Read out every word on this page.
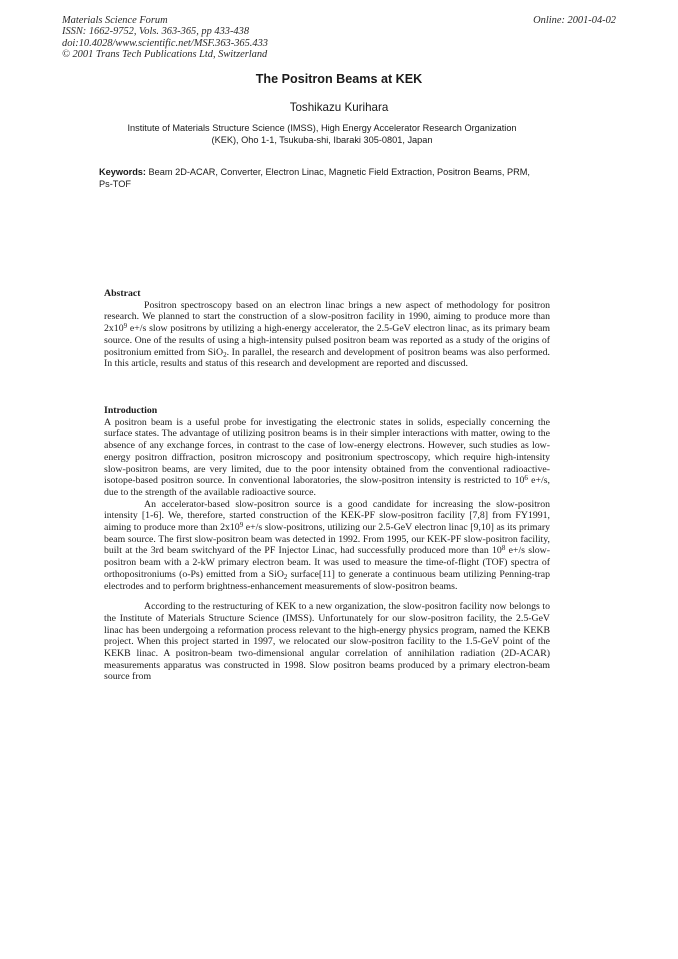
Materials Science Forum
ISSN: 1662-9752, Vols. 363-365, pp 433-438
doi:10.4028/www.scientific.net/MSF.363-365.433
© 2001 Trans Tech Publications Ltd, Switzerland
Online: 2001-04-02
The Positron Beams at KEK
Toshikazu Kurihara
Institute of Materials Structure Science (IMSS), High Energy Accelerator Research Organization
(KEK), Oho 1-1, Tsukuba-shi, Ibaraki 305-0801, Japan
Keywords: Beam 2D-ACAR, Converter, Electron Linac, Magnetic Field Extraction, Positron Beams, PRM, Ps-TOF
Abstract

Positron spectroscopy based on an electron linac brings a new aspect of methodology for positron research. We planned to start the construction of a slow-positron facility in 1990, aiming to produce more than $2x10^9$ e+/s slow positrons by utilizing a high-energy accelerator, the 2.5-GeV electron linac, as its primary beam source. One of the results of using a high-intensity pulsed positron beam was reported as a study of the origins of positronium emitted from SiO$_2$. In parallel, the research and development of positron beams was also performed. In this article, results and status of this research and development are reported and discussed.

Introduction

A positron beam is a useful probe for investigating the electronic states in solids, especially concerning the surface states. The advantage of utilizing positron beams is in their simpler interactions with matter, owing to the absence of any exchange forces, in contrast to the case of low-energy electrons. However, such studies as low-energy positron diffraction, positron microscopy and positronium spectroscopy, which require high-intensity slow-positron beams, are very limited, due to the poor intensity obtained from the conventional radioactive-isotope-based positron source. In conventional laboratories, the slow-positron intensity is restricted to $10^6$ e+/s, due to the strength of the available radioactive source.

An accelerator-based slow-positron source is a good candidate for increasing the slow-positron intensity [1-6]. We, therefore, started construction of the KEK-PF slow-positron facility [7,8] from FY1991, aiming to produce more than $2x10^9$ e+/s slow-positrons, utilizing our 2.5-GeV electron linac [9,10] as its primary beam source. The first slow-positron beam was detected in 1992. From 1995, our KEK-PF slow-positron facility, built at the 3rd beam switchyard of the PF Injector Linac, had successfully produced more than $10^8$ e+/s slow-positron beam with a 2-kW primary electron beam. It was used to measure the time-of-flight (TOF) spectra of orthopositroniums (o-Ps) emitted from a SiO$_2$ surface[11] to generate a continuous beam utilizing Penning-trap electrodes and to perform brightness-enhancement measurements of slow-positron beams.

According to the restructuring of KEK to a new organization, the slow-positron facility now belongs to the Institute of Materials Structure Science (IMSS). Unfortunately for our slow-positron facility, the 2.5-GeV linac has been undergoing a reformation process relevant to the high-energy physics program, named the KEKB project. When this project started in 1997, we relocated our slow-positron facility to the 1.5-GeV point of the KEKB linac. A positron-beam two-dimensional angular correlation of annihilation radiation (2D-ACAR) measurements apparatus was constructed in 1998. Slow positron beams produced by a primary electron-beam source from
